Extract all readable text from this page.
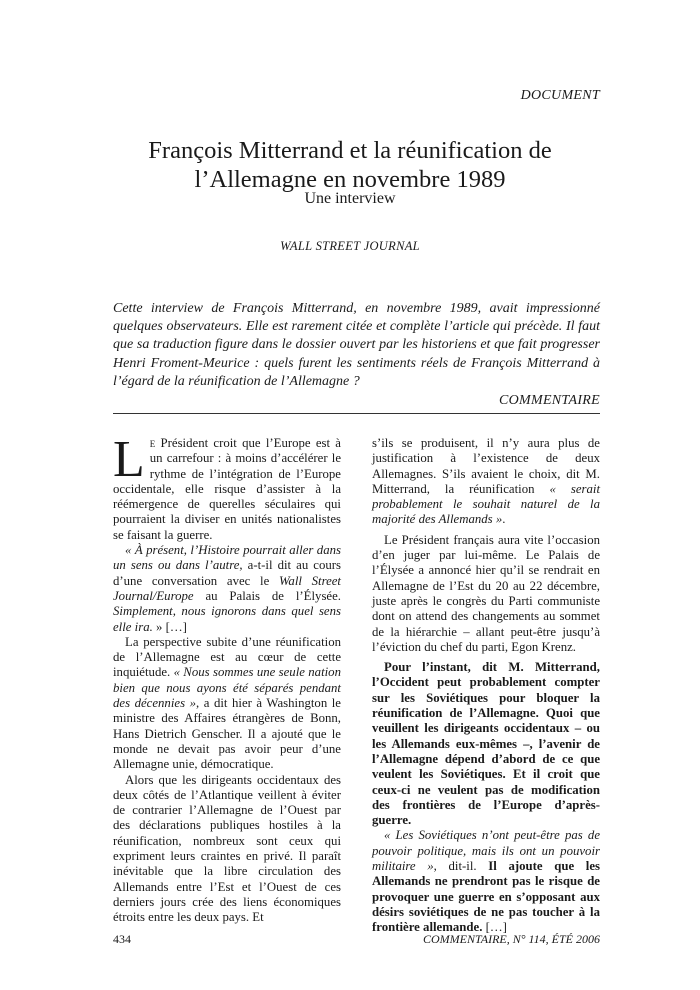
DOCUMENT
François Mitterrand et la réunification de
l’Allemagne en novembre 1989
Une interview
WALL STREET JOURNAL
Cette interview de François Mitterrand, en novembre 1989, avait impressionné quelques observateurs. Elle est rarement citée et complète l’article qui précède. Il faut que sa traduction figure dans le dossier ouvert par les historiens et que fait progresser Henri Froment-Meurice : quels furent les sentiments réels de François Mitterrand à l’égard de la réunification de l’Allemagne ?
COMMENTAIRE

Le Président croit que l’Europe est à un carrefour : à moins d’accélérer le rythme de l’intégration de l’Europe occidentale, elle risque d’assister à la réémergence de querelles séculaires qui pourraient la diviser en unités nationalistes se faisant la guerre.

« À présent, l’Histoire pourrait aller dans un sens ou dans l’autre, a-t-il dit au cours d’une conversation avec le Wall Street Journal/Europe au Palais de l’Élysée. Simplement, nous ignorons dans quel sens elle ira. » […]

La perspective subite d’une réunification de l’Allemagne est au cœur de cette inquiétude. « Nous sommes une seule nation bien que nous ayons été séparés pendant des décennies », a dit hier à Washington le ministre des Affaires étrangères de Bonn, Hans Dietrich Genscher. Il a ajouté que le monde ne devait pas avoir peur d’une Allemagne unie, démocratique.

Alors que les dirigeants occidentaux des deux côtés de l’Atlantique veillent à éviter de contrarier l’Allemagne de l’Ouest par des déclarations publiques hostiles à la réunification, nombreux sont ceux qui expriment leurs craintes en privé. Il paraît inévitable que la libre circulation des Allemands entre l’Est et l’Ouest de ces derniers jours crée des liens économiques étroits entre les deux pays. Et

s’ils se produisent, il n’y aura plus de justification à l’existence de deux Allemagnes. S’ils avaient le choix, dit M. Mitterrand, la réunification « serait probablement le souhait naturel de la majorité des Allemands ».

Le Président français aura vite l’occasion d’en juger par lui-même. Le Palais de l’Élysée a annoncé hier qu’il se rendrait en Allemagne de l’Est du 20 au 22 décembre, juste après le congrès du Parti communiste dont on attend des changements au sommet de la hiérarchie – allant peut-être jusqu’à l’éviction du chef du parti, Egon Krenz.

Pour l’instant, dit M. Mitterrand, l’Occident peut probablement compter sur les Soviétiques pour bloquer la réunification de l’Allemagne. Quoi que veuillent les dirigeants occidentaux – ou les Allemands eux-mêmes –, l’avenir de l’Allemagne dépend d’abord de ce que veulent les Soviétiques. Et il croit que ceux-ci ne veulent pas de modification des frontières de l’Europe d’après-guerre.

« Les Soviétiques n’ont peut-être pas de pouvoir politique, mais ils ont un pouvoir militaire », dit-il. Il ajoute que les Allemands ne prendront pas le risque de provoquer une guerre en s’opposant aux désirs soviétiques de ne pas toucher à la frontière allemande. […]

434	COMMENTAIRE, N° 114, ÉTÉ 2006
